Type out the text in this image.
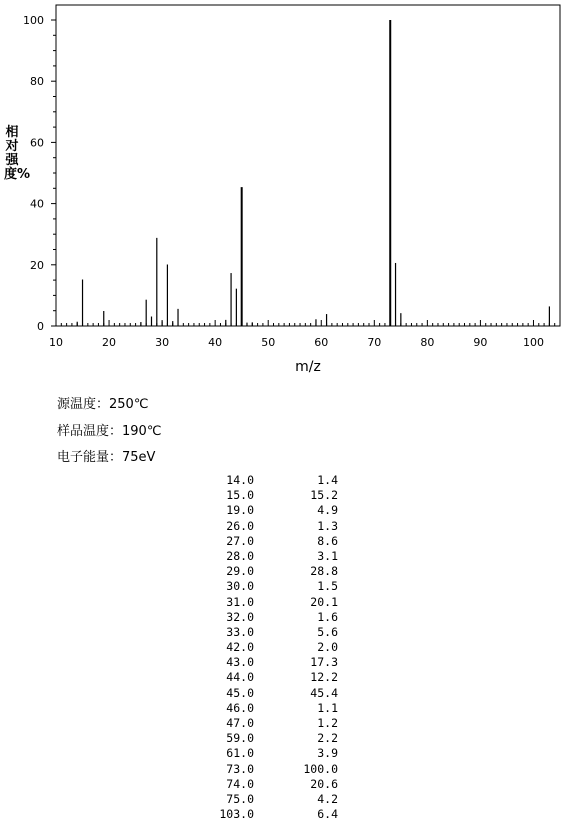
0
20
40
60
80
100
10	20	30	40	50	60	70	80	90	100
m/z
相对强度%
源温度：250℃
样品温度：190℃
电子能量：75eV
14.0	1.4
15.0	15.2
19.0	4.9
26.0	1.3
27.0	8.6
28.0	3.1
29.0	28.8
30.0	1.5
31.0	20.1
32.0	1.6
33.0	5.6
42.0	2.0
43.0	17.3
44.0	12.2
45.0	45.4
46.0	1.1
47.0	1.2
59.0	2.2
61.0	3.9
73.0	100.0
74.0	20.6
75.0	4.2
103.0	6.4
